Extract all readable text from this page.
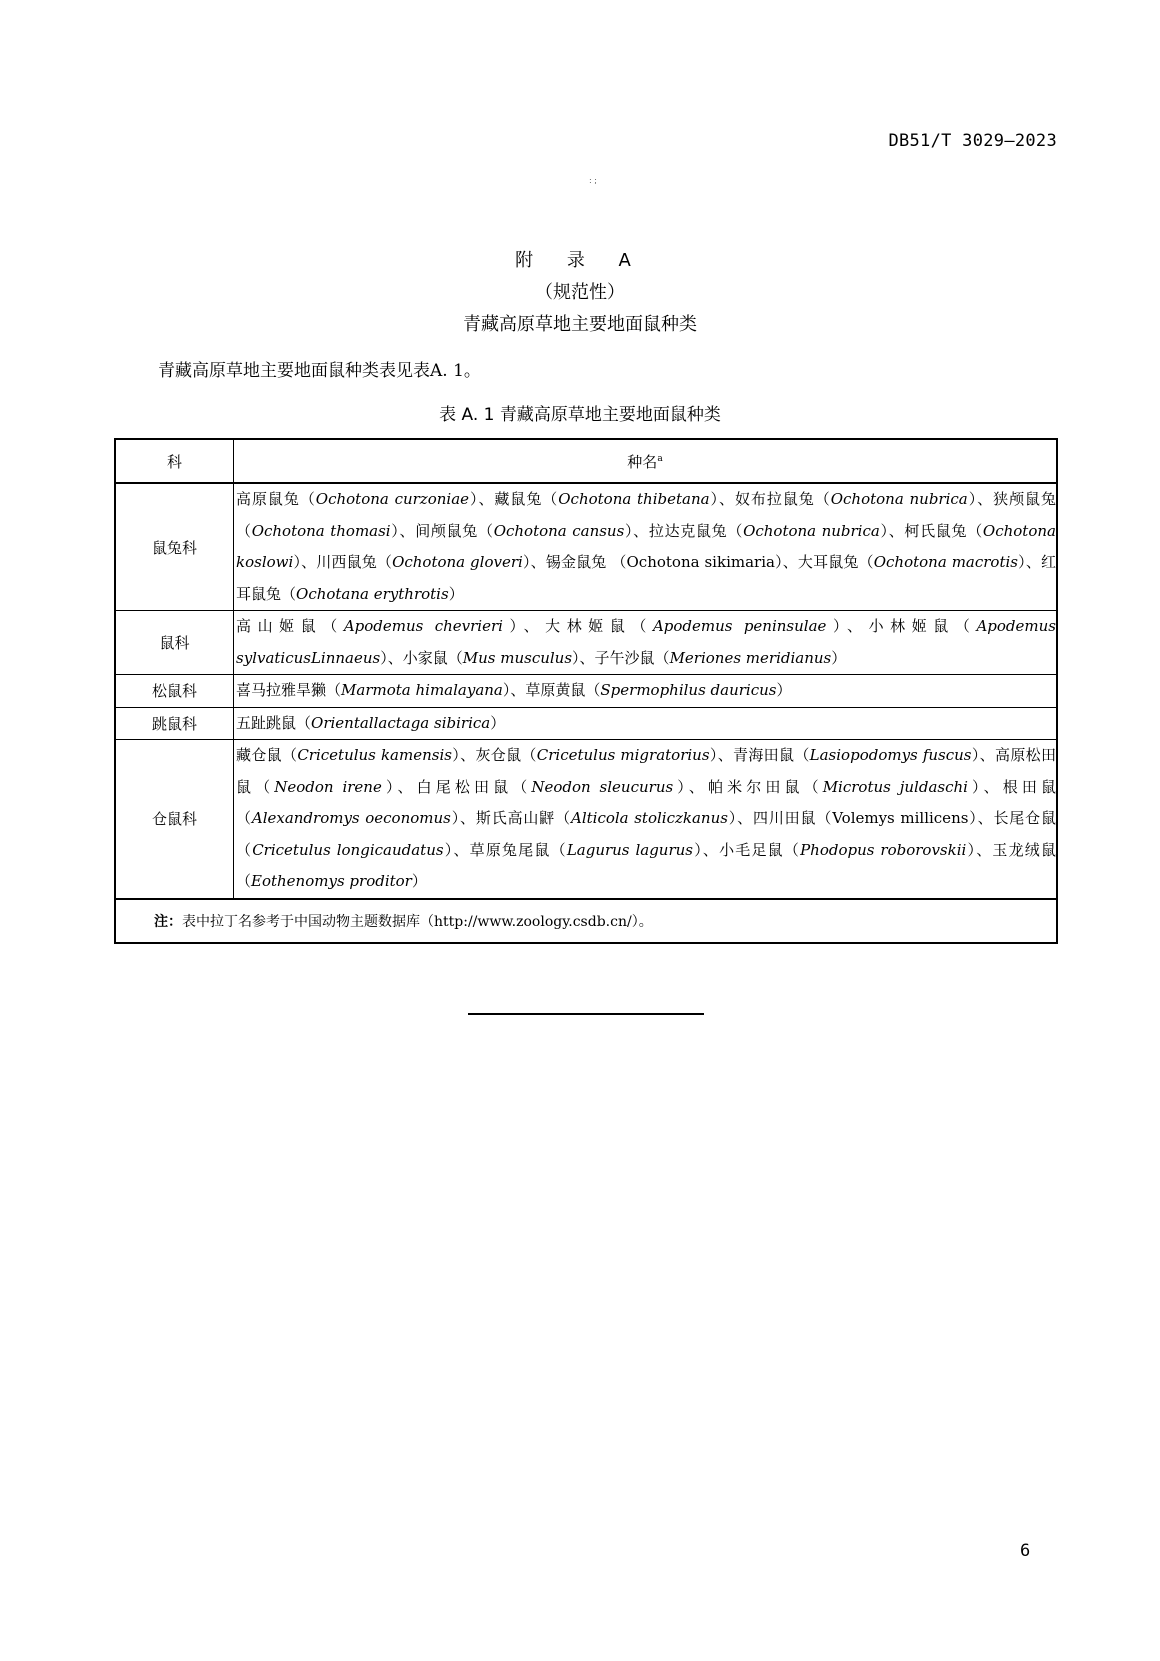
DB51/T 3029—2023
: ;
附 录 A
（规范性）
青藏高原草地主要地面鼠种类
青藏高原草地主要地面鼠种类表见表A. 1。
表 A. 1 青藏高原草地主要地面鼠种类
科	种名$^a$
鼠兔科	高原鼠兔（Ochotona curzoniae）、藏鼠兔（Ochotona thibetana）、奴布拉鼠兔（Ochotona nubrica）、狭颅鼠兔（Ochotona thomasi）、间颅鼠兔（Ochotona cansus）、拉达克鼠兔（Ochotona nubrica）、柯氏鼠兔（Ochotona koslowi）、川西鼠兔（Ochotona gloveri）、锡金鼠兔 （Ochotona sikimaria）、大耳鼠兔（Ochotona macrotis）、红耳鼠兔（Ochotana erythrotis）
鼠科	高山姬鼠（Apodemus chevrieri）、大林姬鼠（Apodemus peninsulae）、小林姬鼠（Apodemus sylvaticusLinnaeus）、小家鼠（Mus musculus）、子午沙鼠（Meriones meridianus）
松鼠科	喜马拉雅旱獭（Marmota himalayana）、草原黄鼠（Spermophilus dauricus）
跳鼠科	五趾跳鼠（Orientallactaga sibirica）
仓鼠科	藏仓鼠（Cricetulus kamensis）、灰仓鼠（Cricetulus migratorius）、青海田鼠（Lasiopodomys fuscus）、高原松田鼠（Neodon irene）、白尾松田鼠（Neodon sleucurus）、帕米尔田鼠（Microtus juldaschi）、根田鼠（Alexandromys oeconomus）、斯氏高山䶄（Alticola stoliczkanus）、四川田鼠（Volemys millicens）、长尾仓鼠（Cricetulus longicaudatus）、草原兔尾鼠（Lagurus lagurus）、小毛足鼠（Phodopus roborovskii）、玉龙绒鼠（Eothenomys proditor）
注：表中拉丁名参考于中国动物主题数据库（http://www.zoology.csdb.cn/）。	
6
